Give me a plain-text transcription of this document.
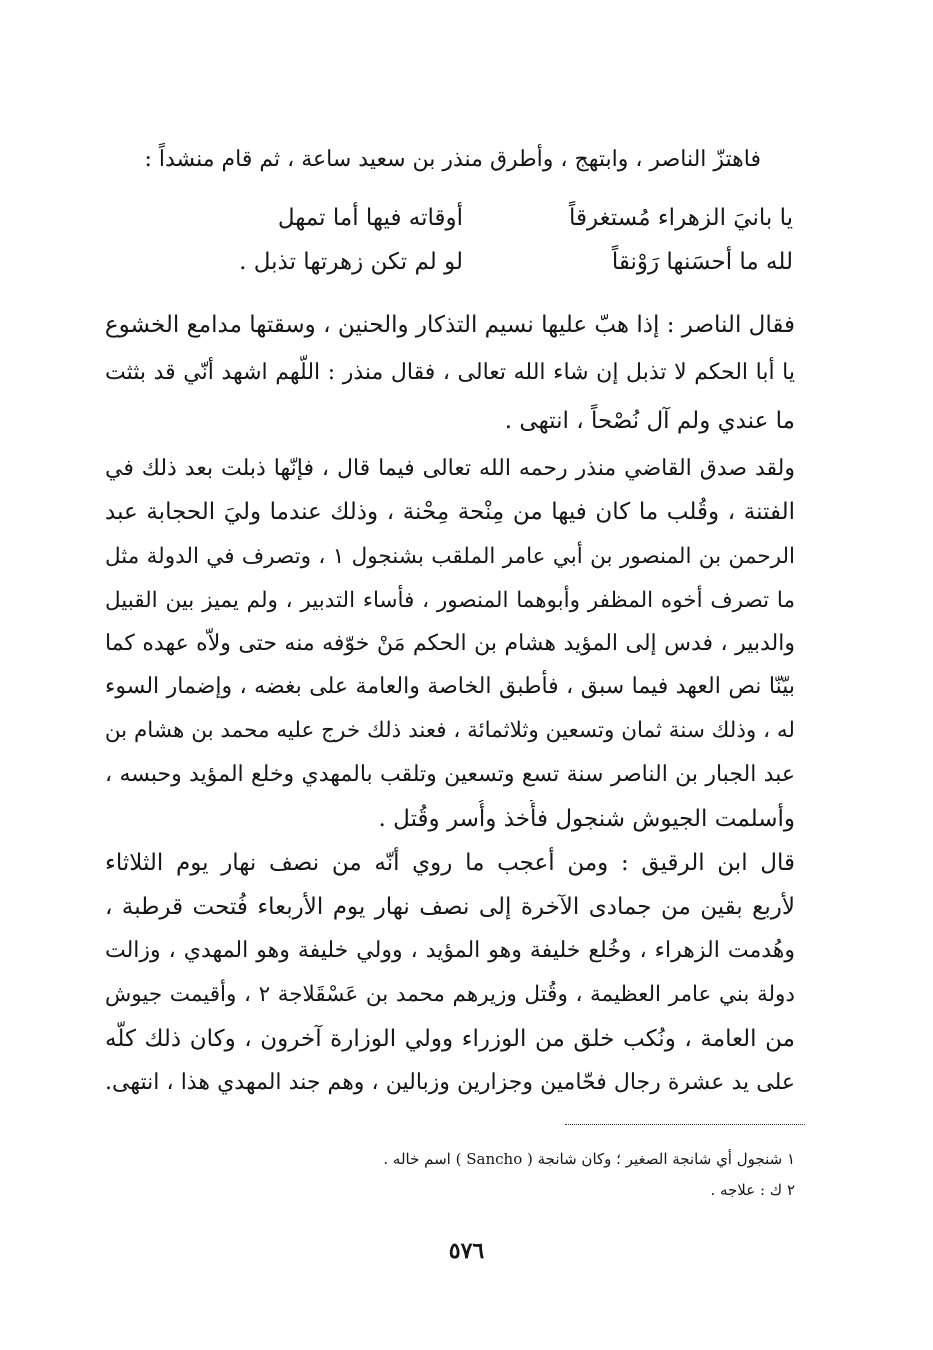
فاهتزّ الناصر ، وابتهج ، وأطرق منذر بن سعيد ساعة ، ثم قام منشداً :
يا بانيَ الزهراء مُستغرقاً
أوقاته فيها أما تمهل
لله ما أحسَنها رَوْنقاً
لو لم تكن زهرتها تذبل .
فقال الناصر : إذا هبّ عليها نسيم التذكار والحنين ، وسقتها مدامع الخشوع
يا أبا الحكم لا تذبل إن شاء الله تعالى ، فقال منذر : اللّهم اشهد أنّي قد بثثت
ما عندي ولم آل نُصْحاً ، انتهى .
ولقد صدق القاضي منذر رحمه الله تعالى فيما قال ، فإنّها ذبلت بعد ذلك في
الفتنة ، وقُلب ما كان فيها من مِنْحة مِحْنة ، وذلك عندما وليَ الحجابة عبد
الرحمن بن المنصور بن أبي عامر الملقب بشنجول ١ ، وتصرف في الدولة مثل
ما تصرف أخوه المظفر وأبوهما المنصور ، فأساء التدبير ، ولم يميز بين القبيل
والدبير ، فدس إلى المؤيد هشام بن الحكم مَنْ خوّفه منه حتى ولاّه عهده كما
بيّنّا نص العهد فيما سبق ، فأطبق الخاصة والعامة على بغضه ، وإضمار السوء
له ، وذلك سنة ثمان وتسعين وثلاثمائة ، فعند ذلك خرج عليه محمد بن هشام بن
عبد الجبار بن الناصر سنة تسع وتسعين وتلقب بالمهدي وخلع المؤيد وحبسه ،
وأسلمت الجيوش شنجول فأُخذ وأُسر وقُتل .
قال ابن الرقيق : ومن أعجب ما روي أنّه من نصف نهار يوم الثلاثاء
لأربع بقين من جمادى الآخرة إلى نصف نهار يوم الأربعاء فُتحت قرطبة ،
وهُدمت الزهراء ، وخُلع خليفة وهو المؤيد ، وولي خليفة وهو المهدي ، وزالت
دولة بني عامر العظيمة ، وقُتل وزيرهم محمد بن عَسْقَلاجة ٢ ، وأقيمت جيوش
من العامة ، ونُكب خلق من الوزراء وولي الوزارة آخرون ، وكان ذلك كلّه
على يد عشرة رجال فحّامين وجزارين وزبالين ، وهم جند المهدي هذا ، انتهى.
١ شنجول أي شانجة الصغير ؛ وكان شانجة ( Sancho ) اسم خاله .
٢ ك : علاجه .
٥٧٦
